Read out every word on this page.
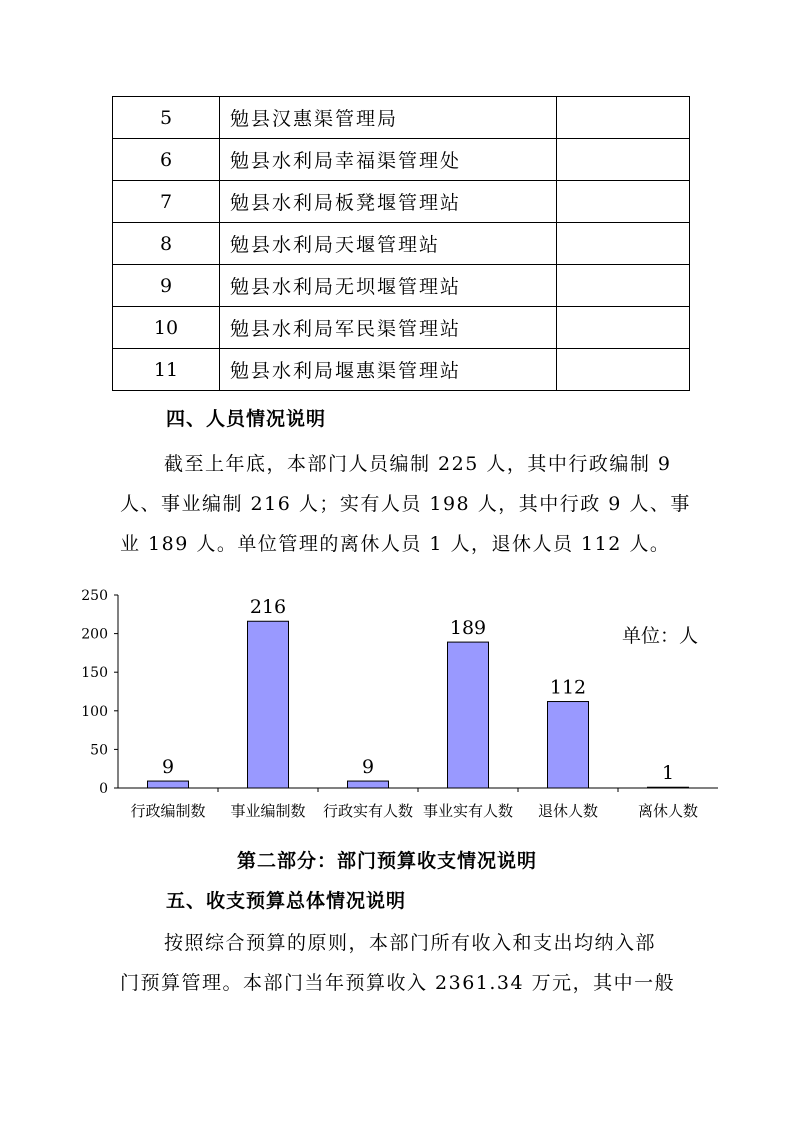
5	勉县汉惠渠管理局	
6	勉县水利局幸福渠管理处	
7	勉县水利局板凳堰管理站	
8	勉县水利局天堰管理站	
9	勉县水利局无坝堰管理站	
10	勉县水利局军民渠管理站	
11	勉县水利局堰惠渠管理站	
四、人员情况说明
截至上年底，本部门人员编制 225 人，其中行政编制 9
人、事业编制 216 人；实有人员 198 人，其中行政 9 人、事
业 189 人。单位管理的离休人员 1 人，退休人员 112 人。
0
50
100
150
200
250
9
行政编制数
216
事业编制数
9
行政实有人数
189
事业实有人数
112
退休人数
1
离休人数
单位：人
第二部分：部门预算收支情况说明
五、收支预算总体情况说明
按照综合预算的原则，本部门所有收入和支出均纳入部
门预算管理。本部门当年预算收入 2361.34 万元，其中一般
